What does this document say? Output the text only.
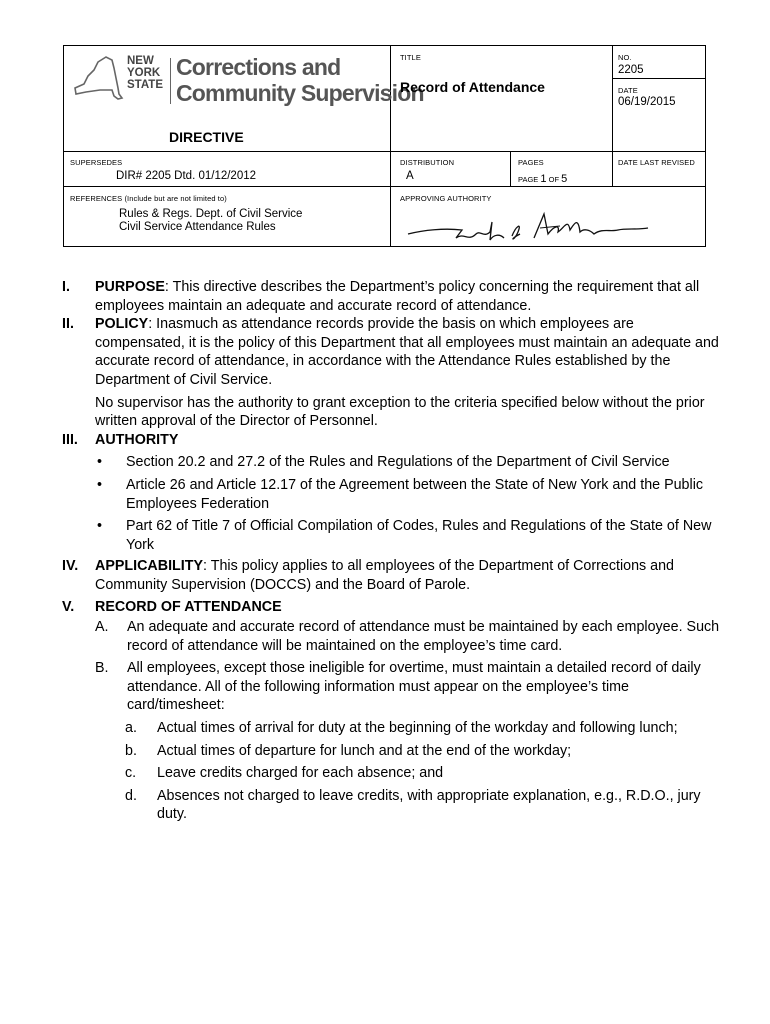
NEW
YORK
STATE
Corrections and
Community Supervision
DIRECTIVE
TITLE
Record of Attendance
NO.
2205
DATE
06/19/2015
SUPERSEDES
DIR# 2205 Dtd. 01/12/2012
DISTRIBUTION
A
PAGES
PAGE 1 OF 5
DATE LAST REVISED
REFERENCES (Include but are not limited to)
Rules & Regs. Dept. of Civil Service
Civil Service Attendance Rules
APPROVING AUTHORITY
I. PURPOSE: This directive describes the Department’s policy concerning the requirement that all employees maintain an adequate and accurate record of attendance.
II. POLICY: Inasmuch as attendance records provide the basis on which employees are compensated, it is the policy of this Department that all employees must maintain an adequate and accurate record of attendance, in accordance with the Attendance Rules established by the Department of Civil Service.

No supervisor has the authority to grant exception to the criteria specified below without the prior written approval of the Director of Personnel.

III. AUTHORITY
• Section 20.2 and 27.2 of the Rules and Regulations of the Department of Civil Service
• Article 26 and Article 12.17 of the Agreement between the State of New York and the Public Employees Federation
• Part 62 of Title 7 of Official Compilation of Codes, Rules and Regulations of the State of New York
IV. APPLICABILITY: This policy applies to all employees of the Department of Corrections and Community Supervision (DOCCS) and the Board of Parole.
V. RECORD OF ATTENDANCE
A. An adequate and accurate record of attendance must be maintained by each employee. Such record of attendance will be maintained on the employee’s time card.
B. All employees, except those ineligible for overtime, must maintain a detailed record of daily attendance. All of the following information must appear on the employee’s time card/timesheet:
a. Actual times of arrival for duty at the beginning of the workday and following lunch;
b. Actual times of departure for lunch and at the end of the workday;
c. Leave credits charged for each absence; and
d. Absences not charged to leave credits, with appropriate explanation, e.g., R.D.O., jury duty.
